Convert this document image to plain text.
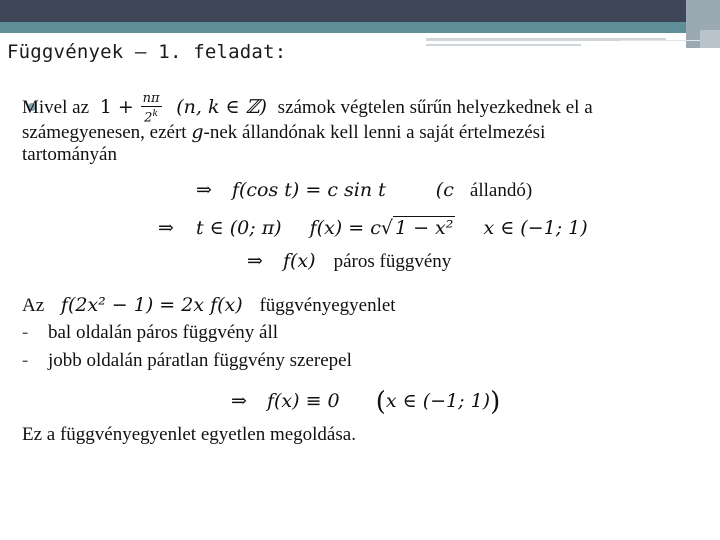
Függvények – 1. feladat:
Mivel az $1 + \frac{n\pi}{2^k} (n$, k ∈ ℤ) számok végtelen sűrűn helyezkednek el a
számegyenesen, ezért g-nek állandónak kell lenni a saját értelmezési
tartományán
⇒ f(cos t) = c sin t	(c állandó)
⇒ t ∈ (0; π) f(x) = c√ 1 − x² x ∈ (−1; 1)
⇒ f(x) páros függvény
Az f(2x² − 1) = 2x f(x) függvényegyenlet
- bal oldalán páros függvény áll
- jobb oldalán páratlan függvény szerepel
⇒ f(x) ≡ 0 (x ∈ (−1; 1))
Ez a függvényegyenlet egyetlen megoldása.
